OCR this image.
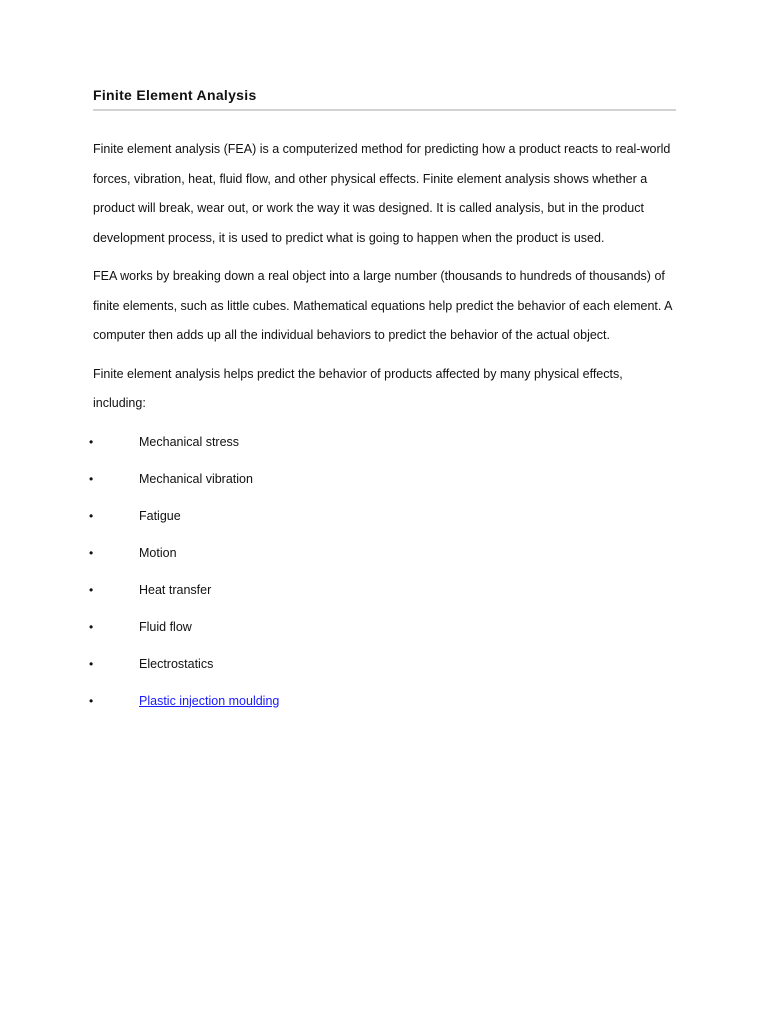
Finite Element Analysis

Finite element analysis (FEA) is a computerized method for predicting how a product reacts to real-world forces, vibration, heat, fluid flow, and other physical effects. Finite element analysis shows whether a product will break, wear out, or work the way it was designed. It is called analysis, but in the product development process, it is used to predict what is going to happen when the product is used.

FEA works by breaking down a real object into a large number (thousands to hundreds of thousands) of finite elements, such as little cubes. Mathematical equations help predict the behavior of each element. A computer then adds up all the individual behaviors to predict the behavior of the actual object.

Finite element analysis helps predict the behavior of products affected by many physical effects, including:

•	Mechanical stress
•	Mechanical vibration
•	Fatigue
•	Motion
•	Heat transfer
•	Fluid flow
•	Electrostatics
•	Plastic injection moulding
